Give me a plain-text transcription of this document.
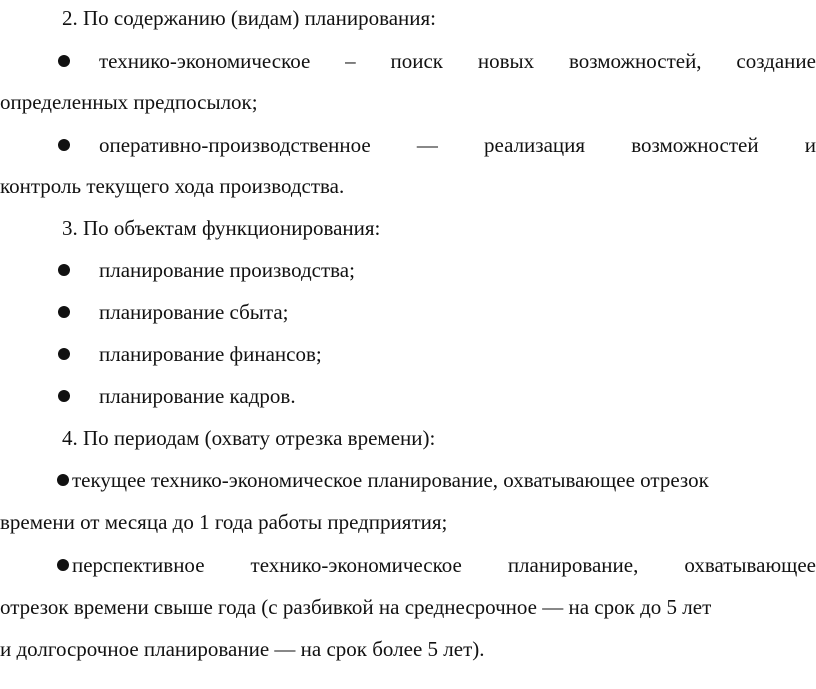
2. По содержанию (видам) планирования:
технико-экономическое – поиск новых возможностей, создание
определенных предпосылок;
оперативно-производственное — реализация возможностей и
контроль текущего хода производства.
3. По объектам функционирования:
планирование производства;
планирование сбыта;
планирование финансов;
планирование кадров.
4. По периодам (охвату отрезка времени):
текущее технико-экономическое планирование, охватывающее отрезок
времени от месяца до 1 года работы предприятия;
перспективное технико-экономическое планирование, охватывающее
отрезок времени свыше года (с разбивкой на среднесрочное — на срок до 5 лет
и долгосрочное планирование — на срок более 5 лет).
